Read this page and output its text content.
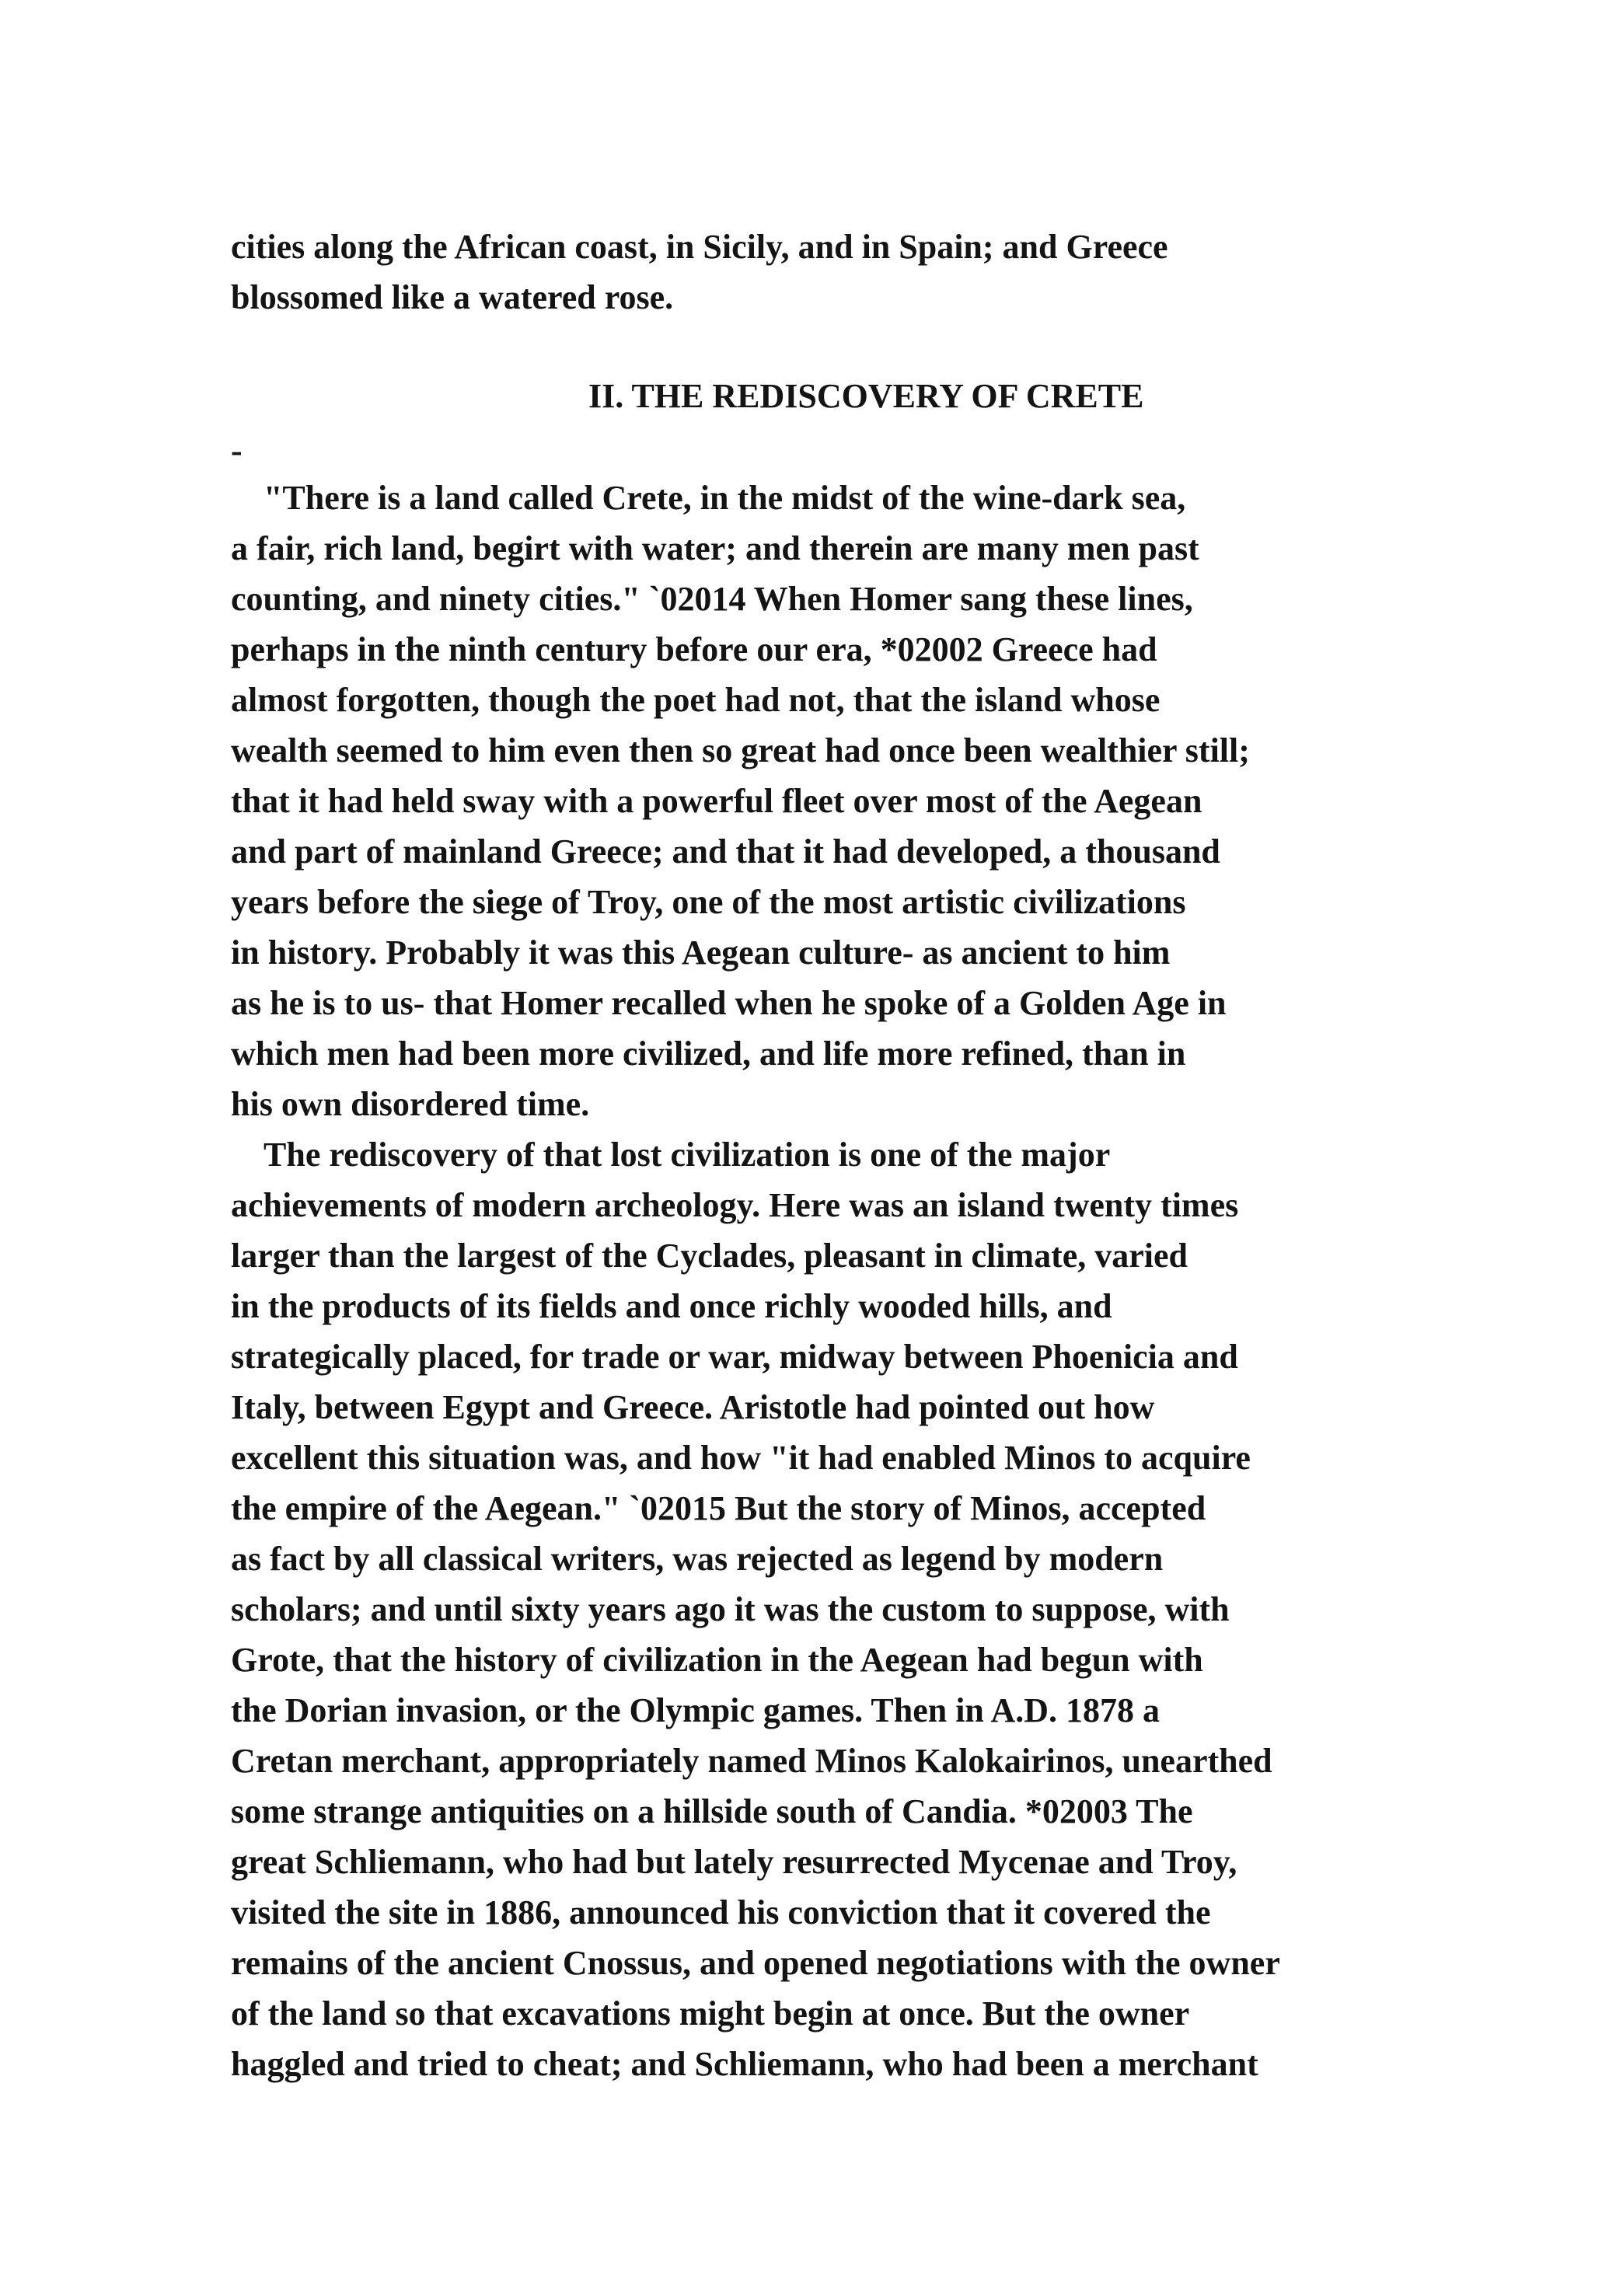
cities along the African coast, in Sicily, and in Spain; and Greece

blossomed like a watered rose.

II. THE REDISCOVERY OF CRETE

-

"There is a land called Crete, in the midst of the wine-dark sea,

a fair, rich land, begirt with water; and therein are many men past

counting, and ninety cities." `02014 When Homer sang these lines,

perhaps in the ninth century before our era, *02002 Greece had

almost forgotten, though the poet had not, that the island whose

wealth seemed to him even then so great had once been wealthier still;

that it had held sway with a powerful fleet over most of the Aegean

and part of mainland Greece; and that it had developed, a thousand

years before the siege of Troy, one of the most artistic civilizations

in history. Probably it was this Aegean culture- as ancient to him

as he is to us- that Homer recalled when he spoke of a Golden Age in

which men had been more civilized, and life more refined, than in

his own disordered time.

The rediscovery of that lost civilization is one of the major

achievements of modern archeology. Here was an island twenty times

larger than the largest of the Cyclades, pleasant in climate, varied

in the products of its fields and once richly wooded hills, and

strategically placed, for trade or war, midway between Phoenicia and

Italy, between Egypt and Greece. Aristotle had pointed out how

excellent this situation was, and how "it had enabled Minos to acquire

the empire of the Aegean." `02015 But the story of Minos, accepted

as fact by all classical writers, was rejected as legend by modern

scholars; and until sixty years ago it was the custom to suppose, with

Grote, that the history of civilization in the Aegean had begun with

the Dorian invasion, or the Olympic games. Then in A.D. 1878 a

Cretan merchant, appropriately named Minos Kalokairinos, unearthed

some strange antiquities on a hillside south of Candia. *02003 The

great Schliemann, who had but lately resurrected Mycenae and Troy,

visited the site in 1886, announced his conviction that it covered the

remains of the ancient Cnossus, and opened negotiations with the owner

of the land so that excavations might begin at once. But the owner

haggled and tried to cheat; and Schliemann, who had been a merchant
